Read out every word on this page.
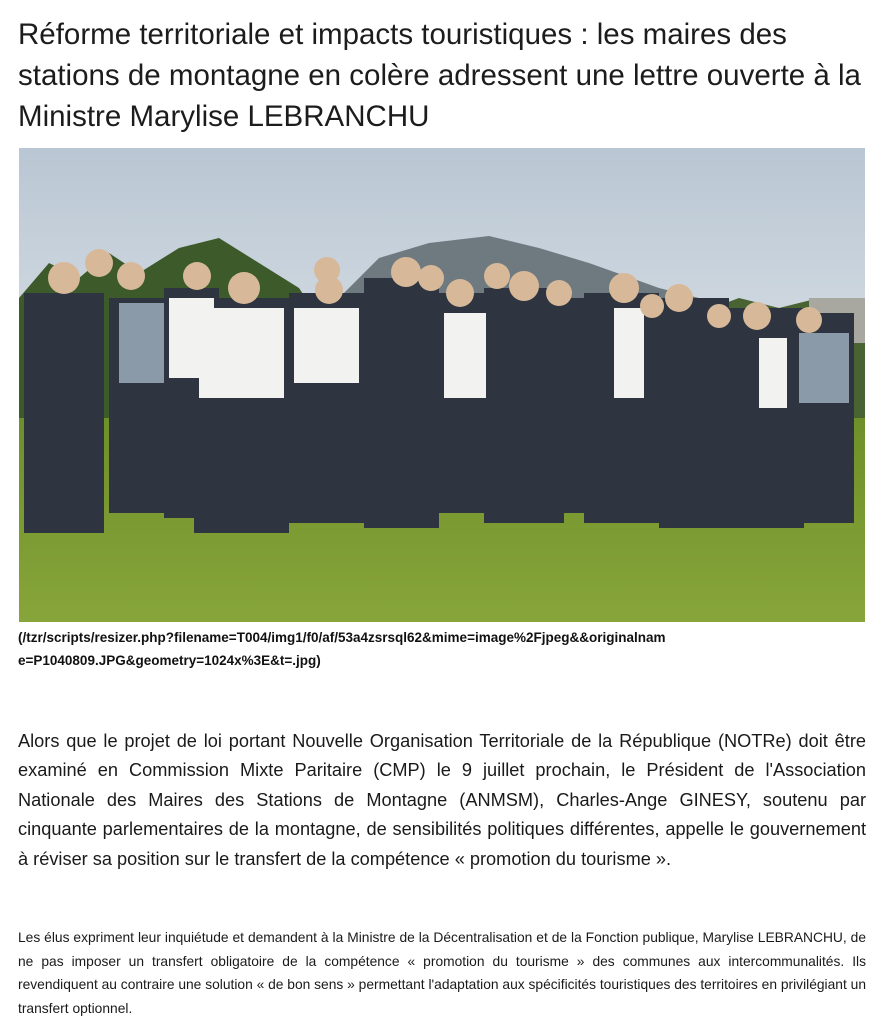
Réforme territoriale et impacts touristiques : les maires des stations de montagne en colère adressent une lettre ouverte à la Ministre Marylise LEBRANCHU
(/tzr/scripts/resizer.php?filename=T004/img1/f0/af/53a4zsrsql62&mime=image%2Fjpeg&&originalname=P1040809.JPG&geometry=1024x%3E&t=.jpg)

Alors que le projet de loi portant Nouvelle Organisation Territoriale de la République (NOTRe) doit être examiné en Commission Mixte Paritaire (CMP) le 9 juillet prochain, le Président de l'Association Nationale des Maires des Stations de Montagne (ANMSM), Charles-Ange GINESY, soutenu par cinquante parlementaires de la montagne, de sensibilités politiques différentes, appelle le gouvernement à réviser sa position sur le transfert de la compétence « promotion du tourisme ».

Les élus expriment leur inquiétude et demandent à la Ministre de la Décentralisation et de la Fonction publique, Marylise LEBRANCHU, de ne pas imposer un transfert obligatoire de la compétence « promotion du tourisme » des communes aux intercommunalités. Ils revendiquent au contraire une solution « de bon sens » permettant l'adaptation aux spécificités touristiques des territoires en privilégiant un transfert optionnel.
